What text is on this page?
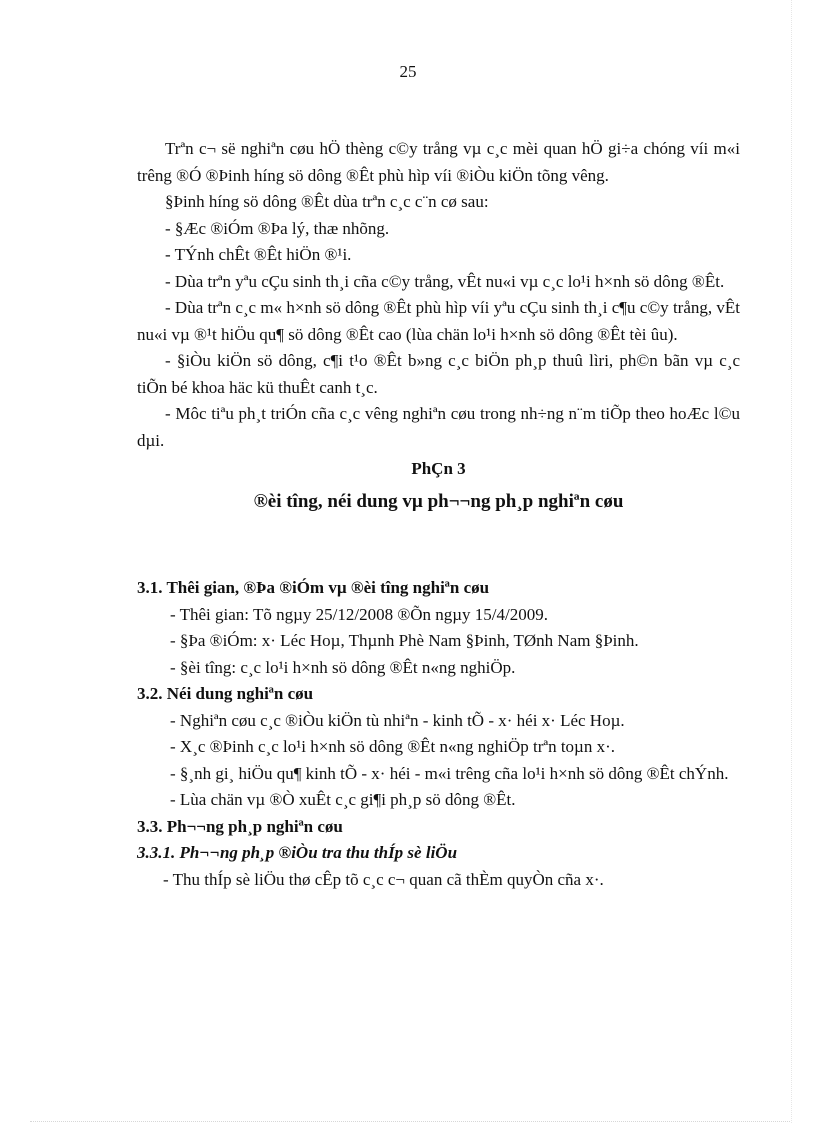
25

Trªn c¬ së nghiªn cøu hÖ thèng c©y trång vµ c¸c mèi quan hÖ gi÷a chóng víi m«i trêng ®Ó ®Þinh híng sö dông ®Êt phù hìp víi ®iÒu kiÖn tõng vêng.

§Þinh híng sö dông ®Êt dùa trªn c¸c c¨n cø sau:

- §Æc ®iÓm ®Þa lý, thæ nhõng.

- TÝnh chÊt ®Êt hiÖn ®¹i.

- Dùa trªn yªu cÇu sinh th¸i cña c©y trång, vÊt nu«i vµ c¸c lo¹i h×nh sö dông ®Êt.

- Dùa trªn c¸c m« h×nh sö dông ®Êt phù hìp víi yªu cÇu sinh th¸i c¶u c©y trång, vÊt nu«i vµ ®¹t hiÖu qu¶ sö dông ®Êt cao (lùa chän lo¹i h×nh sö dông ®Êt tèi ûu).

- §iÒu kiÖn sö dông, c¶i t¹o ®Êt b»ng c¸c biÖn ph¸p thuû lìri, ph©n bãn vµ c¸c tiÕn bé khoa häc kü thuÊt canh t¸c.

- Môc tiªu ph¸t triÓn cña c¸c vêng nghiªn cøu trong nh÷ng n¨m tiÕp theo hoÆc l©u dµi.

PhÇn 3

®èi tîng, néi dung vµ ph¬¬ng ph¸p nghiªn cøu

3.1. Thêi gian, ®Þa ®iÓm vµ ®èi tîng nghiªn cøu

- Thêi gian: Tõ ngµy 25/12/2008 ®Õn ngµy 15/4/2009.

- §Þa ®iÓm: x· Léc Hoµ, Thµnh Phè Nam §Þinh, TØnh Nam §Þinh.

- §èi tîng: c¸c lo¹i h×nh sö dông ®Êt n«ng nghiÖp.

3.2. Néi dung nghiªn cøu

- Nghiªn cøu c¸c ®iÒu kiÖn tù nhiªn - kinh tÕ - x· héi x· Léc Hoµ.

- X¸c ®Þinh c¸c lo¹i h×nh sö dông ®Êt n«ng nghiÖp trªn toµn x·.

- §¸nh gi¸ hiÖu qu¶ kinh tÕ - x· héi - m«i trêng cña lo¹i h×nh sö dông ®Êt chÝnh.

- Lùa chän vµ ®Ò xuÊt c¸c gi¶i ph¸p sö dông ®Êt.

3.3. Ph¬¬ng ph¸p nghiªn cøu

3.3.1. Ph¬¬ng ph¸p ®iÒu tra thu thÍp sè liÖu

- Thu thÍp sè liÖu thø cÊp tõ c¸c c¬ quan cã thÈm quyÒn cña x·.
